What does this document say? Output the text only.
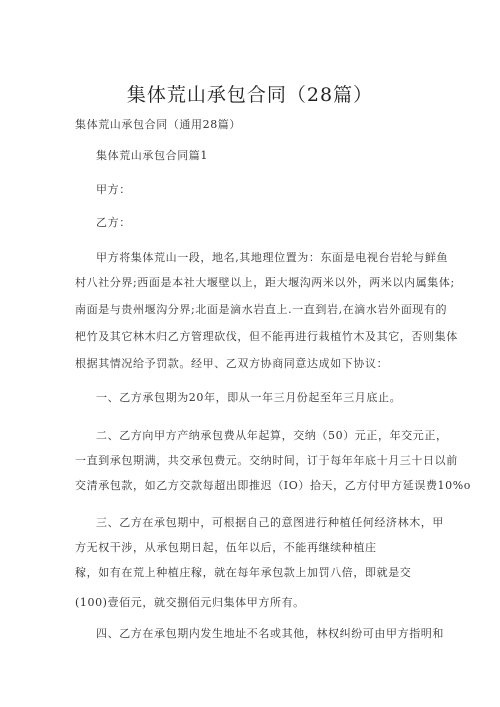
集体荒山承包合同（28篇）
集体荒山承包合同（通用28篇）
集体荒山承包合同篇1
甲方：
乙方：
甲方将集体荒山一段，地名,其地理位置为：东面是电视台岩轮与鲜鱼
村八社分界;西面是本社大堰壁以上，距大堰沟两米以外，两米以内属集体;
南面是与贵州堰沟分界;北面是滴水岩直上.一直到岩,在滴水岩外面现有的
杷竹及其它林木归乙方管理砍伐，但不能再进行栽植竹木及其它，否则集体
根据其情况给予罚款。经甲、乙双方协商同意达成如下协议：
一、乙方承包期为20年，即从一年三月份起至年三月底止。
二、乙方向甲方产纳承包费从年起算，交纳（50）元正，年交元正，
一直到承包期满，共交承包费元。交纳时间，订于每年年底十月三十日以前
交清承包款，如乙方交款每超出即推迟（IO）拾天，乙方付甲方延误费10%o
三、乙方在承包期中，可根据自己的意图进行种植任何经济林木，甲
方无权干涉，从承包期日起，伍年以后，不能再继续种植庄
稼，如有在荒上种植庄稼，就在每年承包款上加罚八倍，即就是交
(100)壹佰元，就交捌佰元归集体甲方所有。
四、乙方在承包期内发生地址不名或其他，林权纠纷可由甲方指明和
